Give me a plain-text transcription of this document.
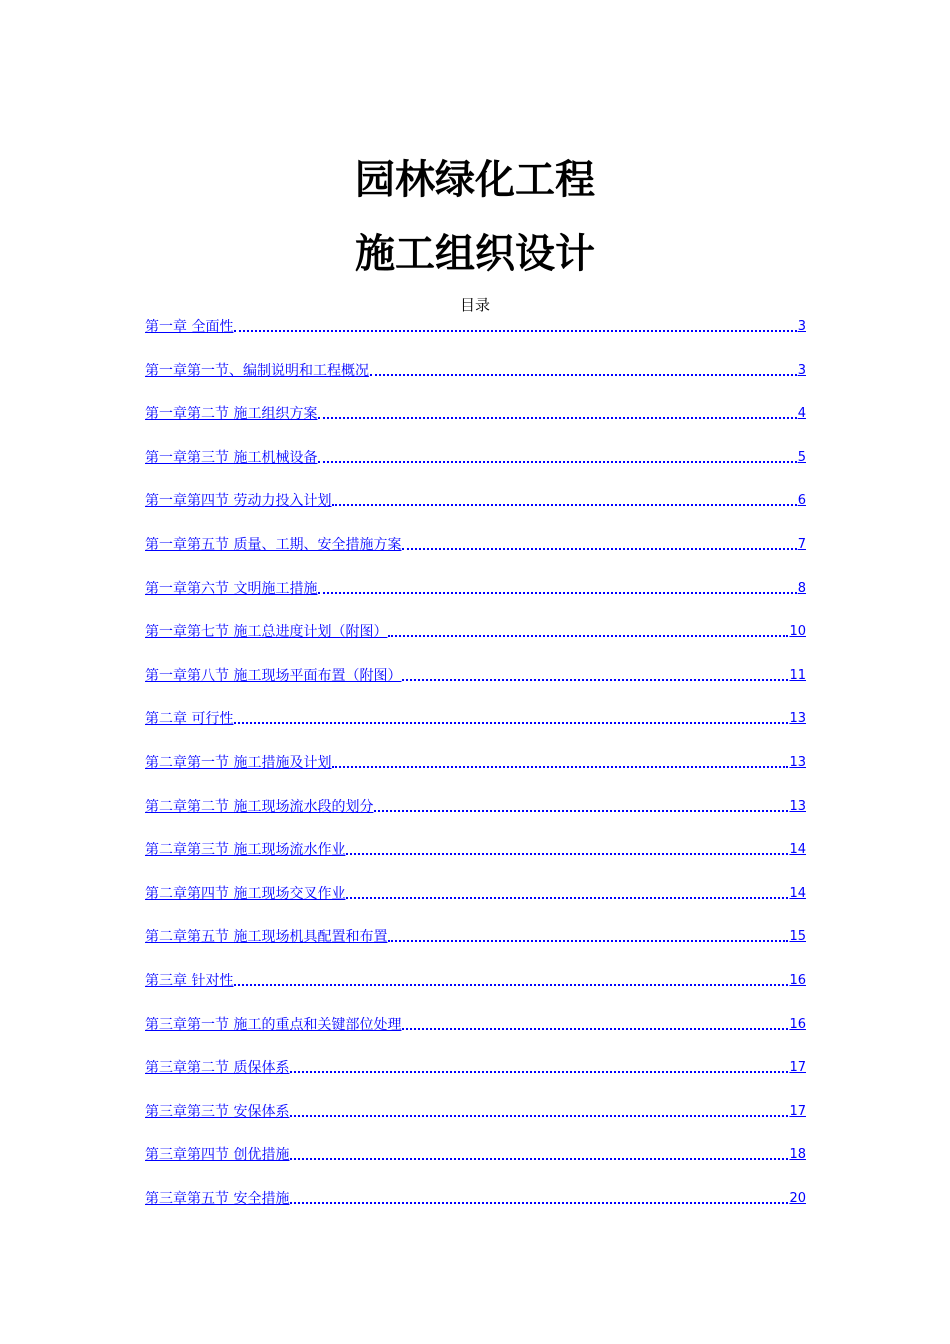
园林绿化工程
施工组织设计
目录
第一章 全面性	3
第一章第一节、编制说明和工程概况	3
第一章第二节 施工组织方案	4
第一章第三节 施工机械设备	5
第一章第四节 劳动力投入计划	6
第一章第五节 质量、工期、安全措施方案	7
第一章第六节 文明施工措施	8
第一章第七节 施工总进度计划（附图）	10
第一章第八节 施工现场平面布置（附图）	11
第二章 可行性	13
第二章第一节 施工措施及计划	13
第二章第二节 施工现场流水段的划分	13
第二章第三节 施工现场流水作业	14
第二章第四节 施工现场交叉作业	14
第二章第五节 施工现场机具配置和布置	15
第三章 针对性	16
第三章第一节 施工的重点和关键部位处理	16
第三章第二节 质保体系	17
第三章第三节 安保体系	17
第三章第四节 创优措施	18
第三章第五节 安全措施	20
